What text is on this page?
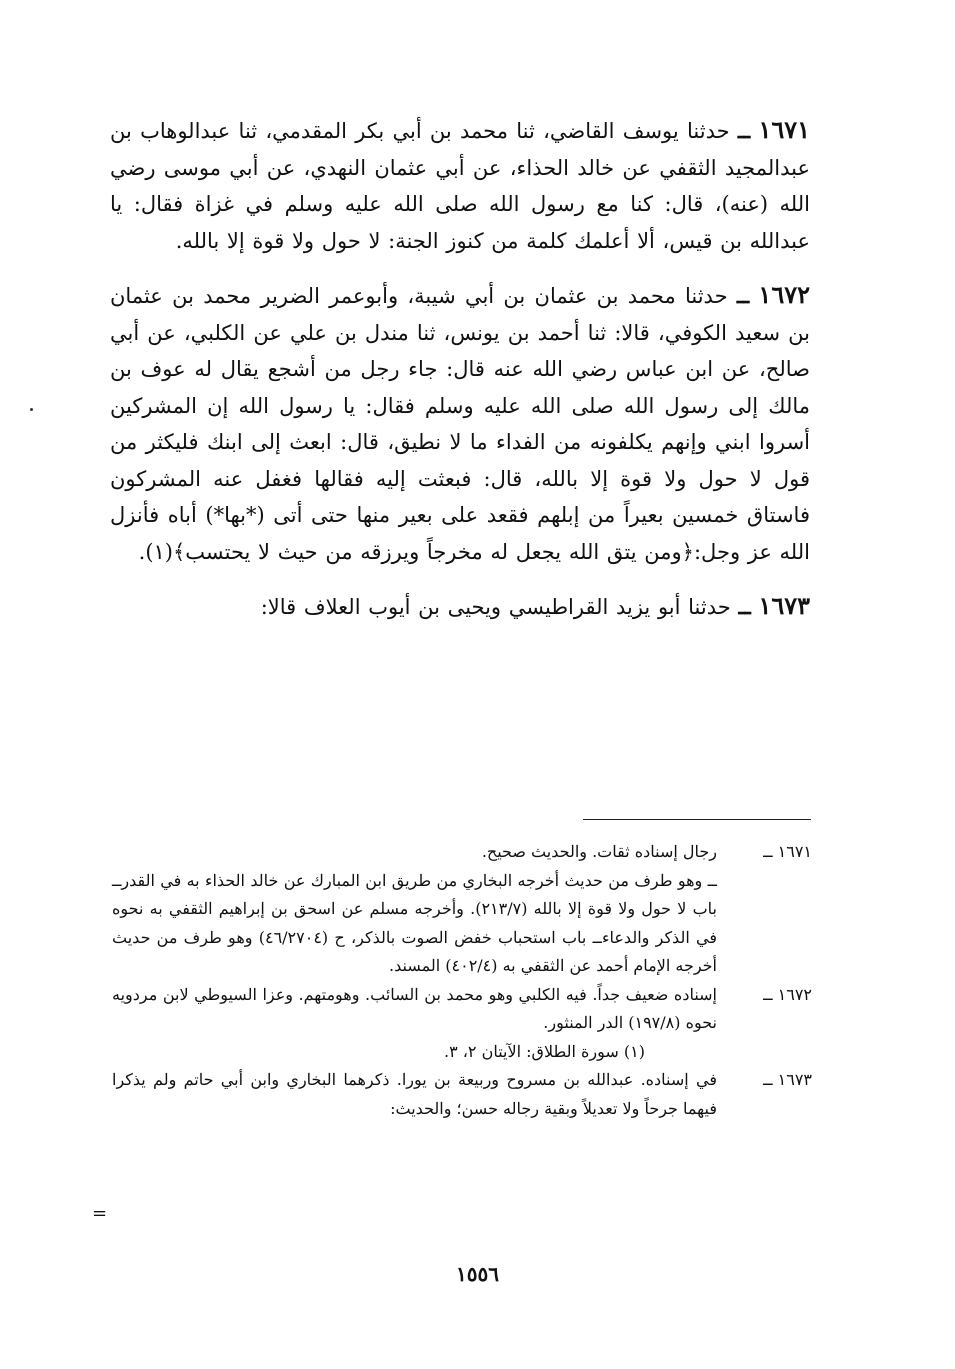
١٦٧١ ــ حدثنا يوسف القاضي، ثنا محمد بن أبي بكر المقدمي، ثنا عبدالوهاب بن عبدالمجيد الثقفي عن خالد الحذاء، عن أبي عثمان النهدي، عن أبي موسى رضي الله (عنه)، قال: كنا مع رسول الله صلى الله عليه وسلم في غزاة فقال: يا عبدالله بن قيس، ألا أعلمك كلمة من كنوز الجنة: لا حول ولا قوة إلا بالله.

١٦٧٢ ــ حدثنا محمد بن عثمان بن أبي شيبة، وأبوعمر الضرير محمد بن عثمان بن سعيد الكوفي، قالا: ثنا أحمد بن يونس، ثنا مندل بن علي عن الكلبي، عن أبي صالح، عن ابن عباس رضي الله عنه قال: جاء رجل من أشجع يقال له عوف بن مالك إلى رسول الله صلى الله عليه وسلم فقال: يا رسول الله إن المشركين أسروا ابني وإنهم يكلفونه من الفداء ما لا نطيق، قال: ابعث إلى ابنك فليكثر من قول لا حول ولا قوة إلا بالله، قال: فبعثت إليه فقالها فغفل عنه المشركون فاستاق خمسين بعيراً من إبلهم فقعد على بعير منها حتى أتى (*بها*) أباه فأنزل الله عز وجل:﴿ومن يتق الله يجعل له مخرجاً ويرزقه من حيث لا يحتسب﴾(١).

١٦٧٣ ــ حدثنا أبو يزيد القراطيسي ويحيى بن أيوب العلاف قالا:

١٦٧١ ــ
رجال إسناده ثقات. والحديث صحيح.
ــ وهو طرف من حديث أخرجه البخاري من طريق ابن المبارك عن خالد الحذاء به في القدرــ باب لا حول ولا قوة إلا بالله (٢١٣/٧). وأخرجه مسلم عن اسحق بن إبراهيم الثقفي به نحوه في الذكر والدعاءــ باب استحباب خفض الصوت بالذكر، ح (٤٦/٢٧٠٤) وهو طرف من حديث أخرجه الإمام أحمد عن الثقفي به (٤٠٢/٤) المسند.
١٦٧٢ ــ
إسناده ضعيف جداً. فيه الكلبي وهو محمد بن السائب. وهومتهم. وعزا السيوطي لابن مردويه نحوه (١٩٧/٨) الدر المنثور.
(١) سورة الطلاق: الآيتان ٢، ٣.
١٦٧٣ ــ
في إسناده. عبدالله بن مسروح وربيعة بن يورا. ذكرهما البخاري وابن أبي حاتم ولم يذكرا فيهما جرحاً ولا تعديلاً وبقية رجاله حسن؛ والحديث:
=
١٥٥٦
